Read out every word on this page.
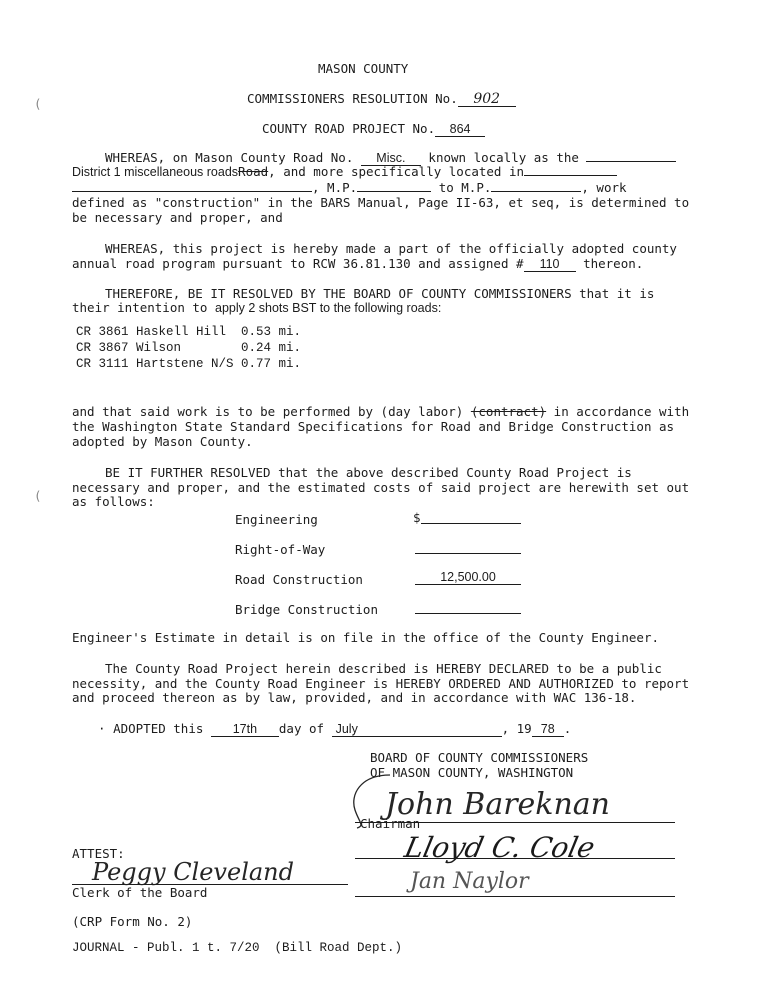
MASON COUNTY
COMMISSIONERS RESOLUTION No. 902
COUNTY ROAD PROJECT No. 864
WHEREAS, on Mason County Road No. Misc. known locally as the
District 1 miscellaneous roadsRoad, and more specifically located in
, M.P.	to M.P.	, work
defined as "construction" in the BARS Manual, Page II-63, et seq, is determined to
be necessary and proper, and
WHEREAS, this project is hereby made a part of the officially adopted county
annual road program pursuant to RCW 36.81.130 and assigned # 110 thereon.
THEREFORE, BE IT RESOLVED BY THE BOARD OF COUNTY COMMISSIONERS that it is
their intention to apply 2 shots BST to the following roads:
CR 3861 Haskell Hill  0.53 mi.
CR 3867 Wilson        0.24 mi.
CR 3111 Hartstene N/S 0.77 mi.
and that said work is to be performed by (day labor) (contract) in accordance with
the Washington State Standard Specifications for Road and Bridge Construction as
adopted by Mason County.
BE IT FURTHER RESOLVED that the above described County Road Project is
necessary and proper, and the estimated costs of said project are herewith set out
as follows:
Engineering	$
Right-of-Way
Road Construction	12,500.00
Bridge Construction
Engineer's Estimate in detail is on file in the office of the County Engineer.
The County Road Project herein described is HEREBY DECLARED to be a public
necessity, and the County Road Engineer is HEREBY ORDERED AND AUTHORIZED to report
and proceed thereon as by law, provided, and in accordance with WAC 136-18.
· ADOPTED this 17th day of July	, 19 78 .
BOARD OF COUNTY COMMISSIONERS
OF MASON COUNTY, WASHINGTON
John Bareknan
Chairman
Lloyd C. Cole
Jan Naylor
ATTEST:
Peggy Cleveland
Clerk of the Board
(CRP Form No. 2)
JOURNAL - Publ. 1 t. 7/20  (Bill Road Dept.)
(
(
